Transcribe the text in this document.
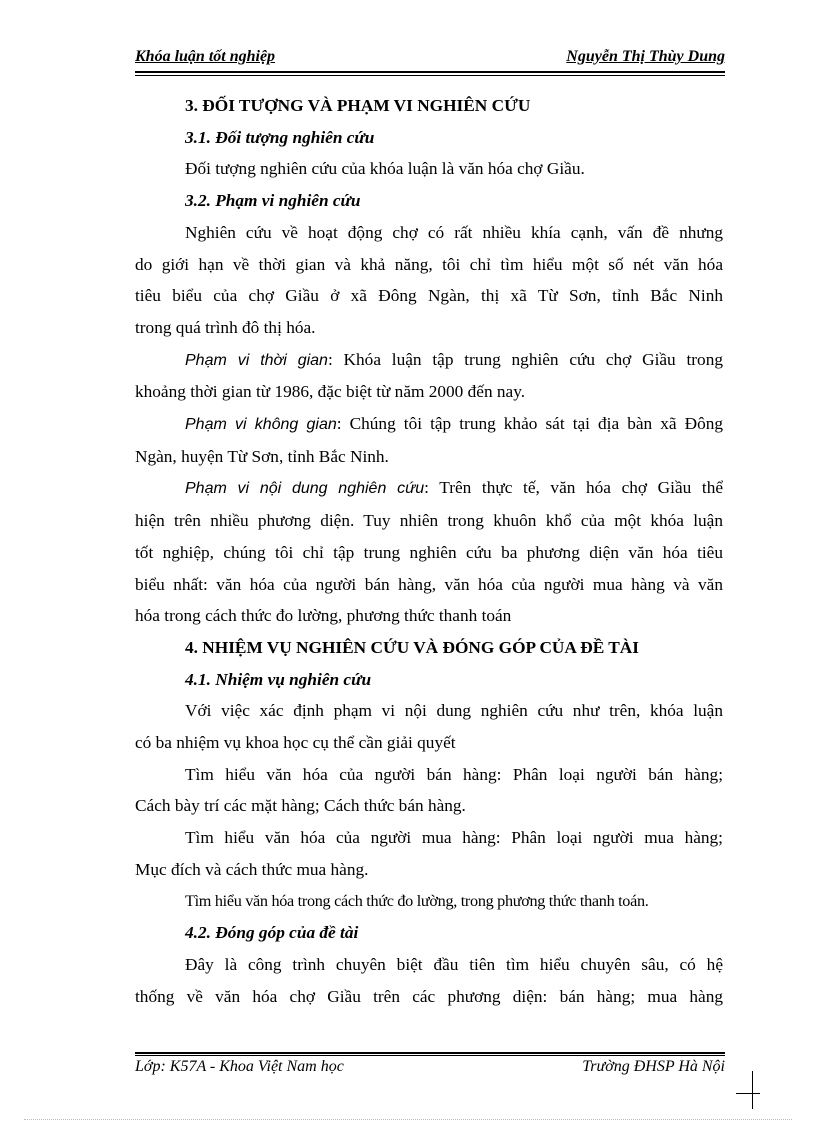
Khóa luận tốt nghiệp	Nguyễn Thị Thùy Dung
3. ĐỐI TƯỢNG VÀ PHẠM VI NGHIÊN CỨU
3.1. Đối tượng nghiên cứu
Đối tượng nghiên cứu của khóa luận là văn hóa chợ Giầu.
3.2. Phạm vi nghiên cứu
Nghiên cứu về hoạt động chợ có rất nhiều khía cạnh, vấn đề nhưng
do giới hạn về thời gian và khả năng, tôi chỉ tìm hiểu một số nét văn hóa
tiêu biểu của chợ Giầu ở xã Đông Ngàn, thị xã Từ Sơn, tỉnh Bắc Ninh
trong quá trình đô thị hóa.
Phạm vi thời gian: Khóa luận tập trung nghiên cứu chợ Giầu trong
khoảng thời gian từ 1986, đặc biệt từ năm 2000 đến nay.
Phạm vi không gian: Chúng tôi tập trung khảo sát tại địa bàn xã Đông
Ngàn, huyện Từ Sơn, tỉnh Bắc Ninh.
Phạm vi nội dung nghiên cứu: Trên thực tế, văn hóa chợ Giầu thể
hiện trên nhiều phương diện. Tuy nhiên trong khuôn khổ của một khóa luận
tốt nghiệp, chúng tôi chỉ tập trung nghiên cứu ba phương diện văn hóa tiêu
biểu nhất: văn hóa của người bán hàng, văn hóa của người mua hàng và văn
hóa trong cách thức đo lường, phương thức thanh toán
4. NHIỆM VỤ NGHIÊN CỨU VÀ ĐÓNG GÓP CỦA ĐỀ TÀI
4.1. Nhiệm vụ nghiên cứu
Với việc xác định phạm vi nội dung nghiên cứu như trên, khóa luận
có ba nhiệm vụ khoa học cụ thể cần giải quyết
Tìm hiểu văn hóa của người bán hàng: Phân loại người bán hàng;
Cách bày trí các mặt hàng; Cách thức bán hàng.
Tìm hiểu văn hóa của người mua hàng: Phân loại người mua hàng;
Mục đích và cách thức mua hàng.
Tìm hiểu văn hóa trong cách thức đo lường, trong phương thức thanh toán.
4.2. Đóng góp của đề tài
Đây là công trình chuyên biệt đầu tiên tìm hiểu chuyên sâu, có hệ
thống về văn hóa chợ Giầu trên các phương diện: bán hàng; mua hàng
Lớp: K57A - Khoa Việt Nam học	Trường ĐHSP Hà Nội
